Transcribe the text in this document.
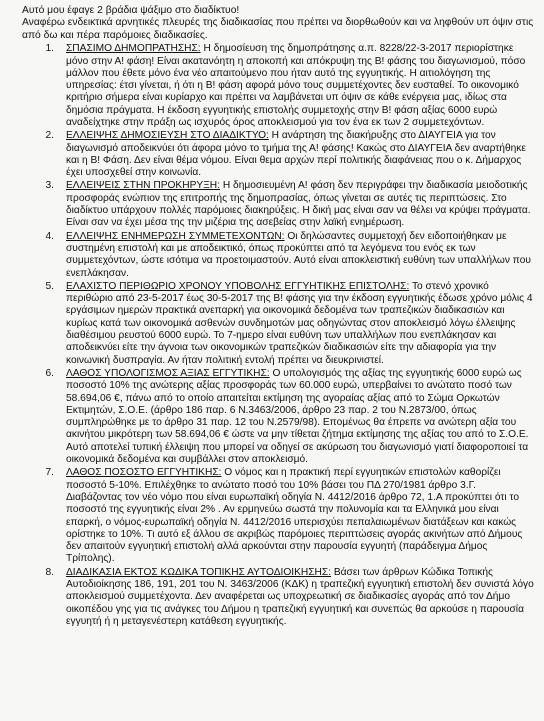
Αυτό μου έφαγε 2 βράδια ψάξιμο στο διαδίκτυο!

Αναφέρω ενδεικτικά αρνητικές πλευρές της διαδικασίας που πρέπει να διορθωθούν και να ληφθούν υπ όψιν στις από δω και πέρα παρόμοιες διαδικασίες.

1.	ΣΠΑΣΙΜΟ ΔΗΜΟΠΡΑΤΗΣΗΣ: Η δημοσίευση της δημοπράτησης α.π. 8228/22-3-2017 περιορίστηκε μόνο στην Α! φάση! Είναι ακατανόητη η αποκοπή και απόκρυψη της Β! φάσης του διαγωνισμού, πόσο μάλλον που έθετε μόνο ένα νέο απαιτούμενο που ήταν αυτό της εγγυητικής. Η αιτιολόγηση της υπηρεσίας: έτσι γίνεται, ή ότι η Β! φάση αφορά μόνο τους συμμετέχοντες δεν ευσταθεί. Το οικονομικό κριτήριο σήμερα είναι κυρίαρχο και πρέπει να λαμβάνεται υπ όψιν σε κάθε ενέργεια μας, ιδίως στα δημόσια πράγματα. Η έκδοση εγγυητικής επιστολής συμμετοχής στην Β! φάση αξίας 6000 ευρώ αναδείχτηκε στην πράξη ως ισχυρός όρος αποκλεισμού για τον ένα εκ των 2 συμμετεχόντων.
2.	ΕΛΛΕΙΨΗΣ ΔΗΜΟΣΙΕΥΣΗ ΣΤΟ ΔΙΑΔΙΚΤΥΟ: Η ανάρτηση της διακήρυξης στο ΔΙΑΥΓΕΙΑ για τον διαγωνισμό αποδεικνύει ότι άφορα μόνο το τμήμα της Α! φάσης! Κακώς στο ΔΙΑΥΓΕΙΑ δεν αναρτήθηκε και η Β! Φάση. Δεν είναι θέμα νόμου. Είναι θεμα αρχών περί πολιτικής διαφάνειας που ο κ. Δήμαρχος έχει υποσχεθεί στην κοινωνία.
3.	ΕΛΛΕΙΨΕΙΣ ΣΤΗΝ ΠΡΟΚΗΡΥΞΗ: Η δημοσιευμένη Α! φάση δεν περιγράφει την διαδικασία μειοδοτικής προσφοράς ενώπιον της επιτροπής της δημοπρασίας, όπως γίνεται σε αυτές τις περιπτώσεις. Στο διαδίκτυο υπάρχουν πολλές παρόμοιες διακηρύξεις. Η δική μας είναι σαν να θέλει να κρύψει πράγματα. Είναι σαν να έχει μέσα της την μιζέρια της ασεβείας στην λαϊκή ενημέρωση.
4.	ΕΛΛΕΙΨΗΣ ΕΝΗΜΕΡΩΣΗ ΣΥΜΜΕΤΕΧΟΝΤΩΝ: Οι δηλώσαντες συμμετοχή δεν ειδοποιήθηκαν με συστημένη επιστολή και με αποδεικτικό, όπως προκύπτει από τα λεγόμενα του ενός εκ των συμμετεχόντων, ώστε ισότιμα να προετοιμαστούν. Αυτό είναι αποκλειστική ευθύνη των υπαλλήλων που ενεπλάκησαν.
5.	ΕΛΑΧΙΣΤΟ ΠΕΡΙΘΩΡΙΟ ΧΡΟΝΟΥ ΥΠΟΒΟΛΗΣ ΕΓΓΥΗΤΙΚΗΣ ΕΠΙΣΤΟΛΗΣ: Το στενό χρονικό περιθώριο από 23-5-2017 έως 30-5-2017 της Β! φάσης για την έκδοση εγγυητικής έδωσε χρόνο μόλις 4 εργάσιμων ημερών πρακτικά ανεπαρκή για οικονομικά δεδομένα των τραπεζικών διαδικασιών και κυρίως κατά των οικονομικά ασθενών συνδημοτών μας οδηγώντας στον αποκλεισμό λόγω έλλειψης διαθέσιμου ρευστού 6000 ευρώ. Το 7-ημερο είναι ευθύνη των υπαλλήλων που ενεπλάκησαν και αποδεικνύει είτε την άγνοια των οικονομικών τραπεζικών διαδικασιών είτε την αδιαφορία για την κοινωνική δυσπραγία. Αν ήταν πολιτική εντολή πρέπει να διευκρινιστεί.
6.	ΛΑΘΟΣ ΥΠΟΛΟΓΙΣΜΟΣ ΑΞΙΑΣ ΕΓΓΥΤΙΚΗΣ: Ο υπολογισμός της αξίας της εγγυητικής 6000 ευρώ ως ποσοστό 10% της ανώτερης αξίας προσφοράς των 60.000 ευρώ, υπερβαίνει το ανώτατο ποσό των 58.694,06 €, πάνω από το οποίο απαιτείται εκτίμηση της αγοραίας αξίας από το Σώμα Ορκωτών Εκτιμητών, Σ.Ο.Ε. (άρθρο 186 παρ. 6 Ν.3463/2006, άρθρο 23 παρ. 2 του Ν.2873/00, όπως συμπληρώθηκε με το άρθρο 31 παρ. 12 του Ν.2579/98). Επομένως θα έπρεπε να ανώτερη αξία του ακινήτου μικρότερη των 58.694,06 € ώστε να μην τίθεται ζήτημα εκτίμησης της αξίας του από το Σ.Ο.Ε. Αυτό αποτελεί τυπική έλλειψη που μπορεί να οδηγεί σε ακύρωση του διαγωνισμό γιατί διαφοροποιεί τα οικονομικά δεδομένα και συμβάλλει στον αποκλεισμό.
7.	ΛΑΘΟΣ ΠΟΣΟΣΤΟ ΕΓΓΥΗΤΙΚΗΣ: Ο νόμος και η πρακτική περί εγγυητικών επιστολών καθορίζει ποσοστό 5-10%. Επιλέχθηκε το ανώτατο ποσό του 10% βάσει του ΠΔ 270/1981 άρθρο 3.Γ. Διαβάζοντας τον νέο νόμο που είναι ευρωπαϊκή οδηγία Ν. 4412/2016 άρθρο 72, 1.Α προκύπτει ότι το ποσοστό της εγγυητικής είναι 2% . Αν ερμηνεύω σωστά την πολυνομία και τα Ελληνικά μου είναι επαρκή, ο νόμος-ευρωπαϊκή οδηγία Ν. 4412/2016 υπερισχύει πεπαλαιωμένων διατάξεων και κακώς ορίστηκε το 10%. Τι αυτό εξ άλλου σε ακριβώς παρόμοιες περιπτώσεις αγοράς ακινήτων από Δήμους δεν απαιτούν εγγυητική επιστολή αλλά αρκούνται στην παρουσία εγγυητή (παράδειγμα Δήμος Τρίπολης).
8.	ΔΙΑΔΙΚΑΣΙΑ ΕΚΤΟΣ ΚΩΔΙΚΑ ΤΟΠΙΚΗΣ ΑΥΤΟΔΙΟΙΚΗΣΗΣ: Βάσει των άρθρων Κώδικα Τοπικής Αυτοδιοίκησης 186, 191, 201 του Ν. 3463/2006 (ΚΔΚ) η τραπεζική εγγυητική επιστολή δεν συνιστά λόγο αποκλεισμού συμμετέχοντα. Δεν αναφέρεται ως υποχρεωτική σε διαδικασίες αγοράς από τον Δήμο οικοπέδου γης για τις ανάγκες του Δήμου η τραπεζική εγγυητική και συνεπώς θα αρκούσε η παρουσία εγγυητή ή η μεταγενέστερη κατάθεση εγγυητικής.
